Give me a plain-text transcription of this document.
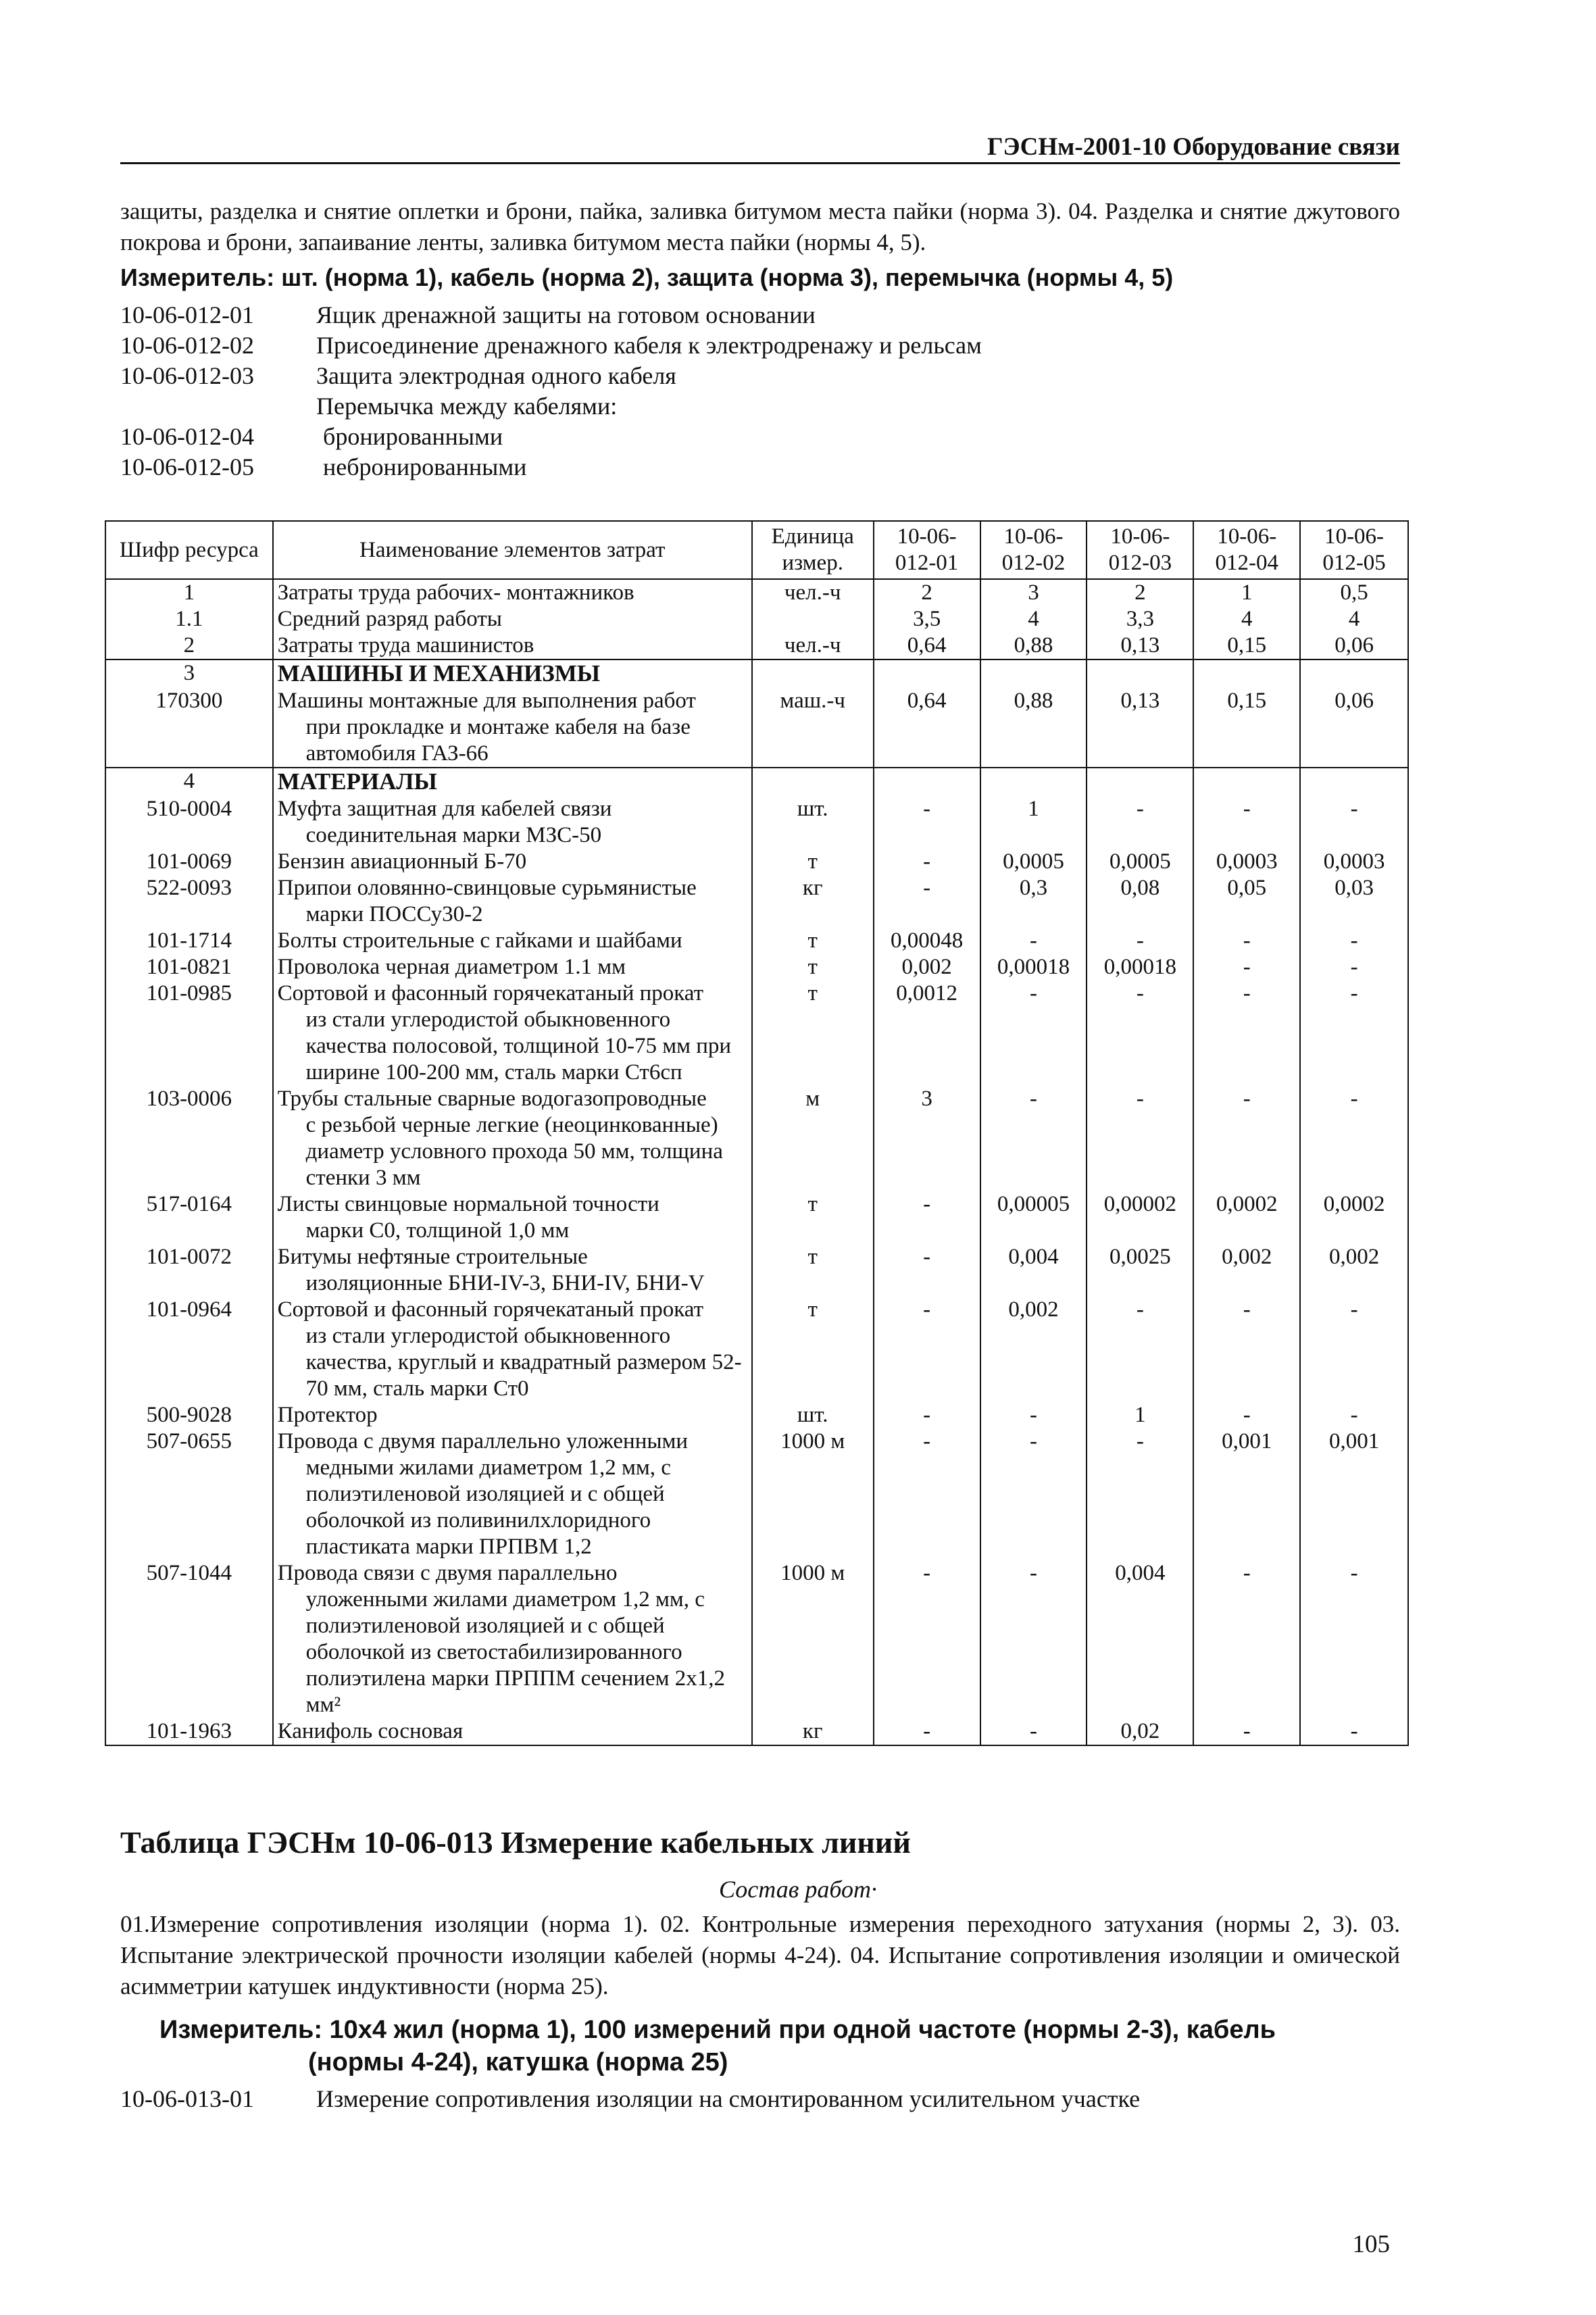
ГЭСНм-2001-10 Оборудование связи
защиты, разделка и снятие оплетки и брони, пайка, заливка битумом места пайки (норма 3). 04. Разделка и снятие джутового покрова и брони, запаивание ленты, заливка битумом места пайки (нормы 4, 5).
Измеритель: шт. (норма 1), кабель (норма 2), защита (норма 3), перемычка (нормы 4, 5)
10-06-012-01	Ящик дренажной защиты на готовом основании
10-06-012-02	Присоединение дренажного кабеля к электродренажу и рельсам
10-06-012-03	Защита электродная одного кабеля
Перемычка между кабелями:
10-06-012-04	бронированными
10-06-012-05	небронированными
Шифр ресурса	Наименование элементов затрат	Единица измер.	10-06-012-01	10-06-012-02	10-06-012-03	10-06-012-04	10-06-012-05
1	Затраты труда рабочих- монтажников	чел.-ч	2	3	2	1	0,5
1.1	Средний разряд работы		3,5	4	3,3	4	4
2	Затраты труда машинистов	чел.-ч	0,64	0,88	0,13	0,15	0,06
3	МАШИНЫ И МЕХАНИЗМЫ						
170300	Машины монтажные для выполнения работ
при прокладке и монтаже кабеля на базе автомобиля ГАЗ-66	маш.-ч	0,64	0,88	0,13	0,15	0,06
4	МАТЕРИАЛЫ						
510-0004	Муфта защитная для кабелей связи
соединительная марки МЗС-50	шт.	-	1	-	-	-
101-0069	Бензин авиационный Б-70	т	-	0,0005	0,0005	0,0003	0,0003
522-0093	Припои оловянно-свинцовые сурьмянистые
марки ПОССу30-2	кг	-	0,3	0,08	0,05	0,03
101-1714	Болты строительные с гайками и шайбами	т	0,00048	-	-	-	-
101-0821	Проволока черная диаметром 1.1 мм	т	0,002	0,00018	0,00018	-	-
101-0985	Сортовой и фасонный горячекатаный прокат
из стали углеродистой обыкновенного качества полосовой, толщиной 10-75 мм при ширине 100-200 мм, сталь марки Ст6сп	т	0,0012	-	-	-	-
103-0006	Трубы стальные сварные водогазопроводные
с резьбой черные легкие (неоцинкованные) диаметр условного прохода 50 мм, толщина стенки 3 мм	м	3	-	-	-	-
517-0164	Листы свинцовые нормальной точности
марки С0, толщиной 1,0 мм	т	-	0,00005	0,00002	0,0002	0,0002
101-0072	Битумы нефтяные строительные
изоляционные БНИ-IV-3, БНИ-IV, БНИ-V	т	-	0,004	0,0025	0,002	0,002
101-0964	Сортовой и фасонный горячекатаный прокат
из стали углеродистой обыкновенного качества, круглый и квадратный размером 52-70 мм, сталь марки Ст0	т	-	0,002	-	-	-
500-9028	Протектор	шт.	-	-	1	-	-
507-0655	Провода с двумя параллельно уложенными
медными жилами диаметром 1,2 мм, с полиэтиленовой изоляцией и с общей оболочкой из поливинилхлоридного пластиката марки ПРПВМ 1,2	1000 м	-	-	-	0,001	0,001
507-1044	Провода связи с двумя параллельно
уложенными жилами диаметром 1,2 мм, с полиэтиленовой изоляцией и с общей оболочкой из светостабилизированного полиэтилена марки ПРППМ сечением 2х1,2 мм²	1000 м	-	-	0,004	-	-
101-1963	Канифоль сосновая	кг	-	-	0,02	-	-
Таблица ГЭСНм 10-06-013 Измерение кабельных линий
Состав работ·
01.Измерение сопротивления изоляции (норма 1). 02. Контрольные измерения переходного затухания (нормы 2, 3). 03. Испытание электрической прочности изоляции кабелей (нормы 4-24). 04. Испытание сопротивления изоляции и омической асимметрии катушек индуктивности (норма 25).
Измеритель: 10х4 жил (норма 1), 100 измерений при одной частоте (нормы 2-3), кабель
(нормы 4-24), катушка (норма 25)
10-06-013-01	Измерение сопротивления изоляции на смонтированном усилительном участке
105
